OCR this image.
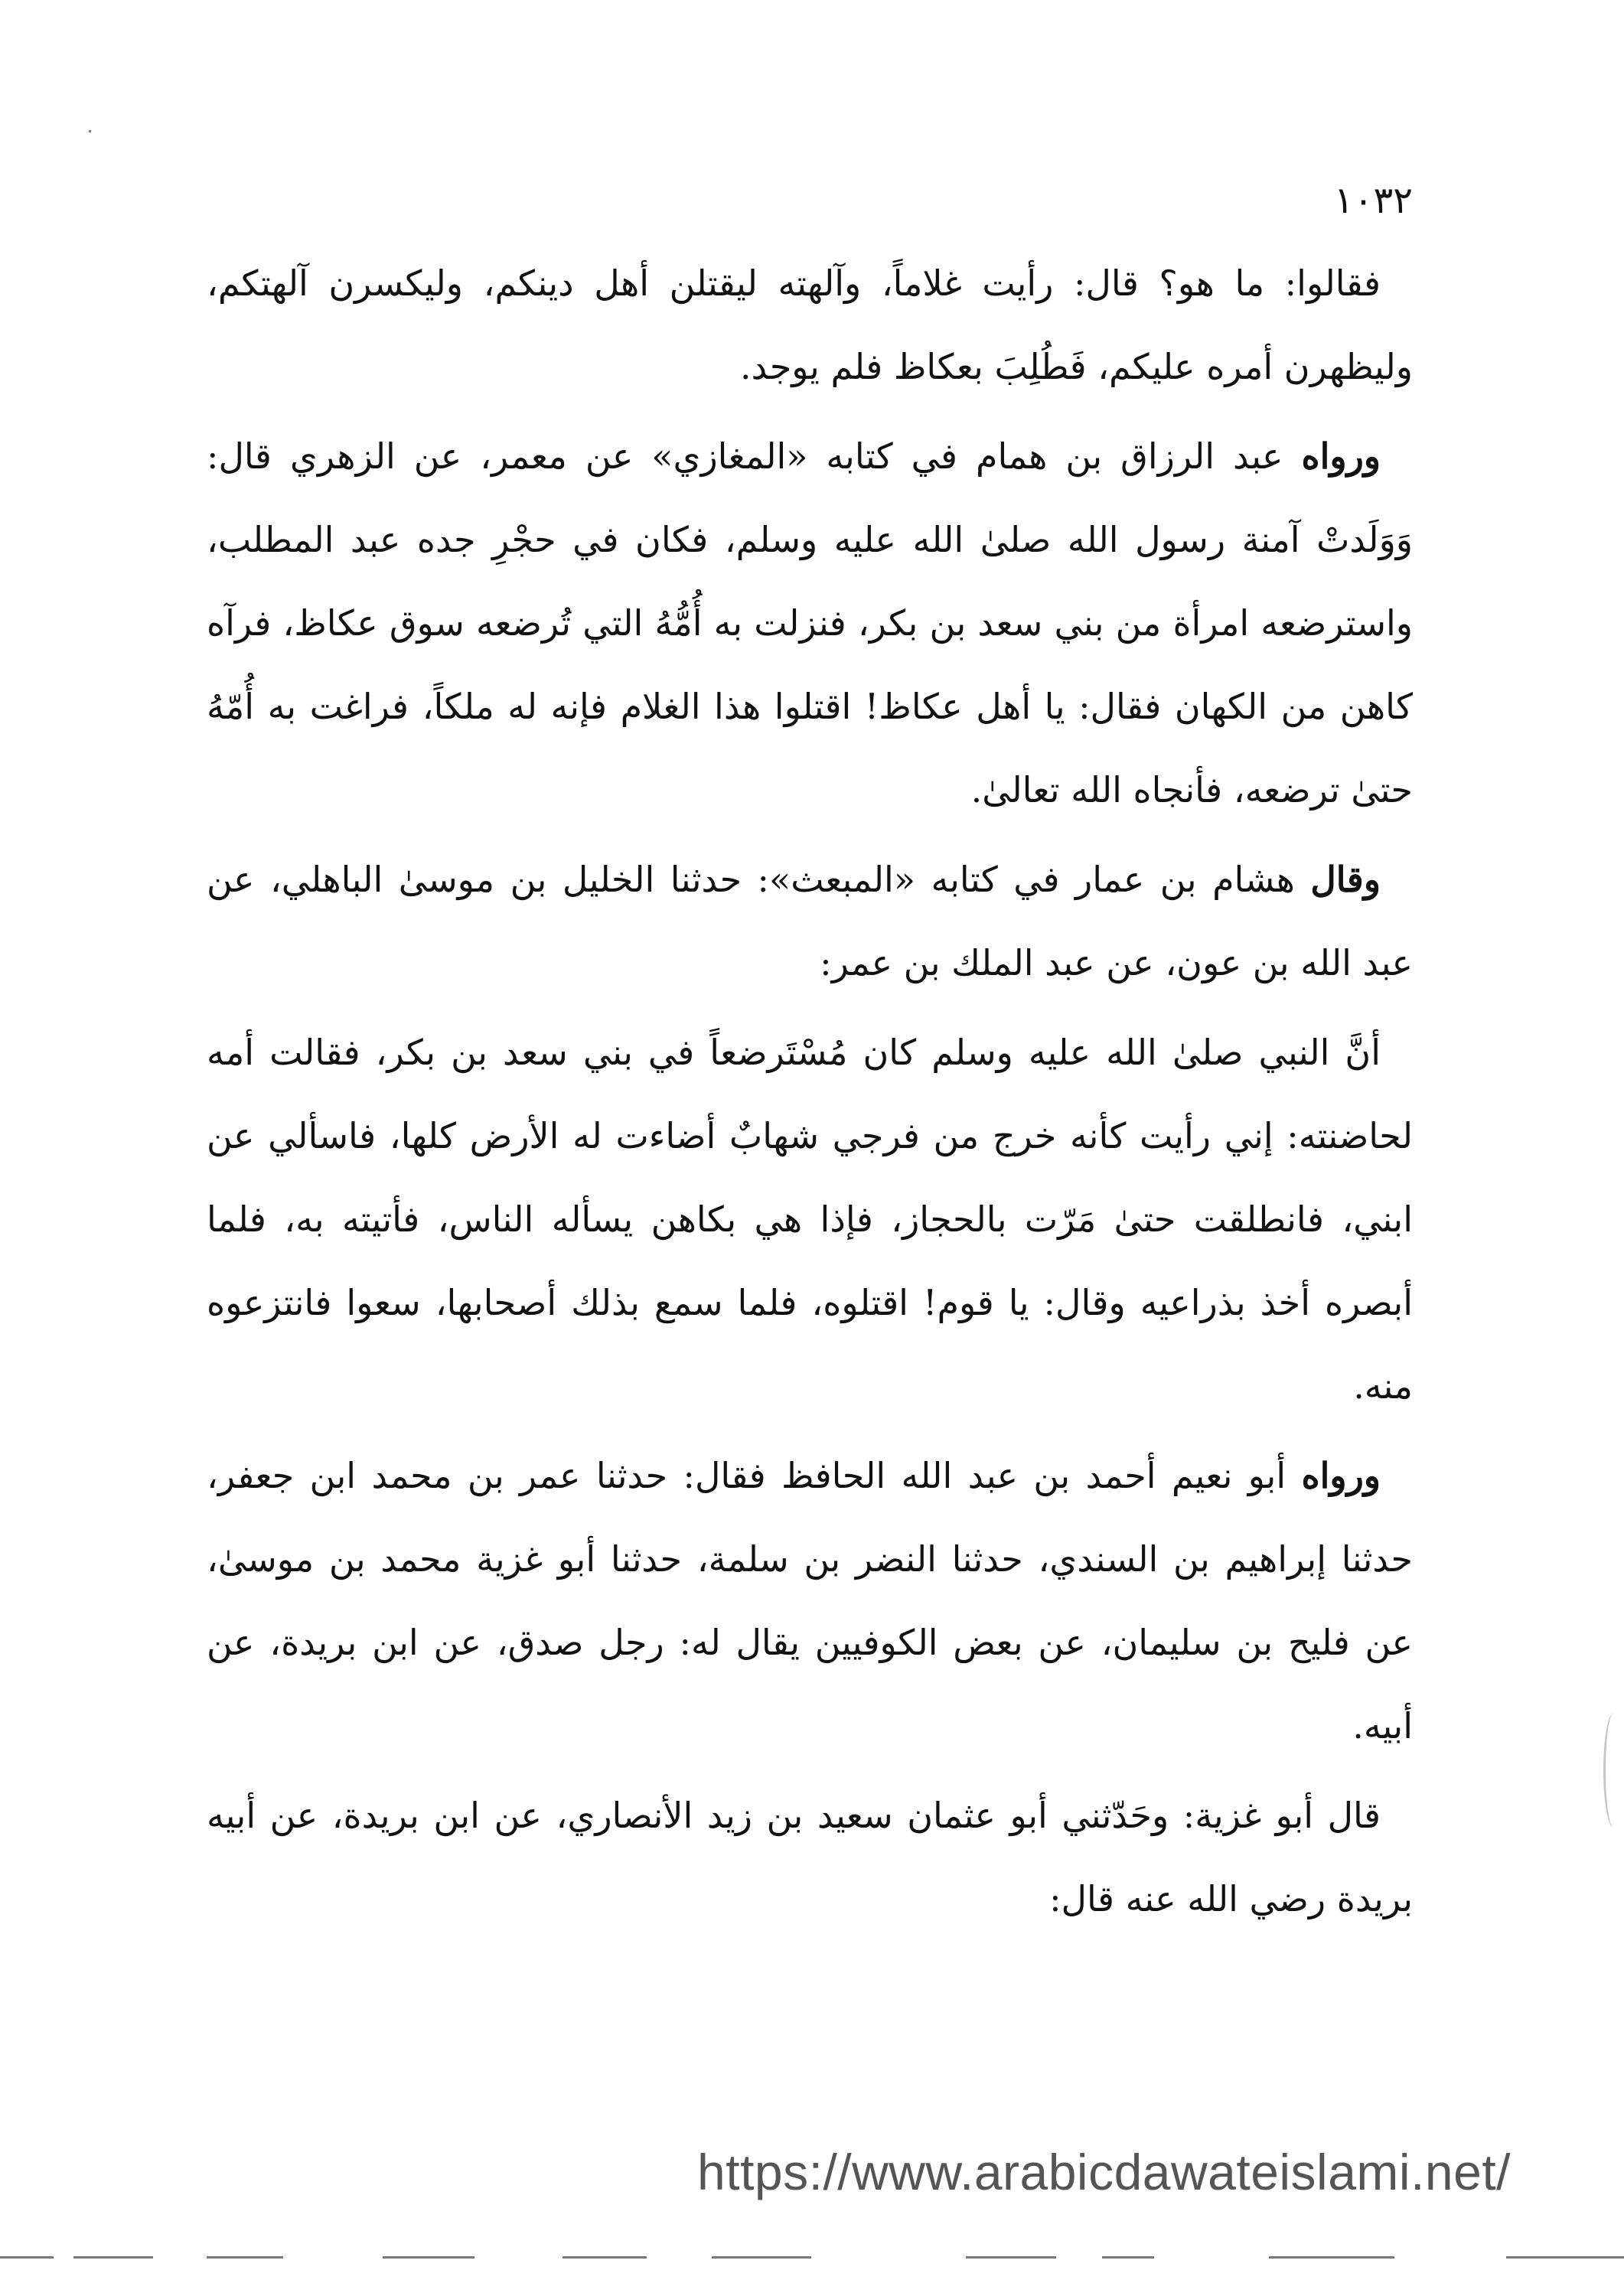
١٠٣٢

فقالوا: ما هو؟ قال: رأيت غلاماً، وآلهته ليقتلن أهل دينكم، وليكسرن آلهتكم، وليظهرن أمره عليكم، فَطُلِبَ بعكاظ فلم يوجد.

ورواه عبد الرزاق بن همام في كتابه «المغازي» عن معمر، عن الزهري قال: وَوَلَدتْ آمنة رسول الله صلىٰ الله عليه وسلم، فكان في حجْرِ جده عبد المطلب، واسترضعه امرأة من بني سعد بن بكر، فنزلت به أُمُّهُ التي تُرضعه سوق عكاظ، فرآه كاهن من الكهان فقال: يا أهل عكاظ! اقتلوا هذا الغلام فإنه له ملكاً، فراغت به أُمّهُ حتىٰ ترضعه، فأنجاه الله تعالىٰ.

وقال هشام بن عمار في كتابه «المبعث»: حدثنا الخليل بن موسىٰ الباهلي، عن عبد الله بن عون، عن عبد الملك بن عمر:

أنَّ النبي صلىٰ الله عليه وسلم كان مُسْتَرضعاً في بني سعد بن بكر، فقالت أمه لحاضنته: إني رأيت كأنه خرج من فرجي شهابٌ أضاءت له الأرض كلها، فاسألي عن ابني، فانطلقت حتىٰ مَرّت بالحجاز، فإذا هي بكاهن يسأله الناس، فأتيته به، فلما أبصره أخذ بذراعيه وقال: يا قوم! اقتلوه، فلما سمع بذلك أصحابها، سعوا فانتزعوه منه.

ورواه أبو نعيم أحمد بن عبد الله الحافظ فقال: حدثنا عمر بن محمد ابن جعفر، حدثنا إبراهيم بن السندي، حدثنا النضر بن سلمة، حدثنا أبو غزية محمد بن موسىٰ، عن فليح بن سليمان، عن بعض الكوفيين يقال له: رجل صدق، عن ابن بريدة، عن أبيه.

قال أبو غزية: وحَدّثني أبو عثمان سعيد بن زيد الأنصاري، عن ابن بريدة، عن أبيه بريدة رضي الله عنه قال:

https://www.arabicdawateislami.net/
